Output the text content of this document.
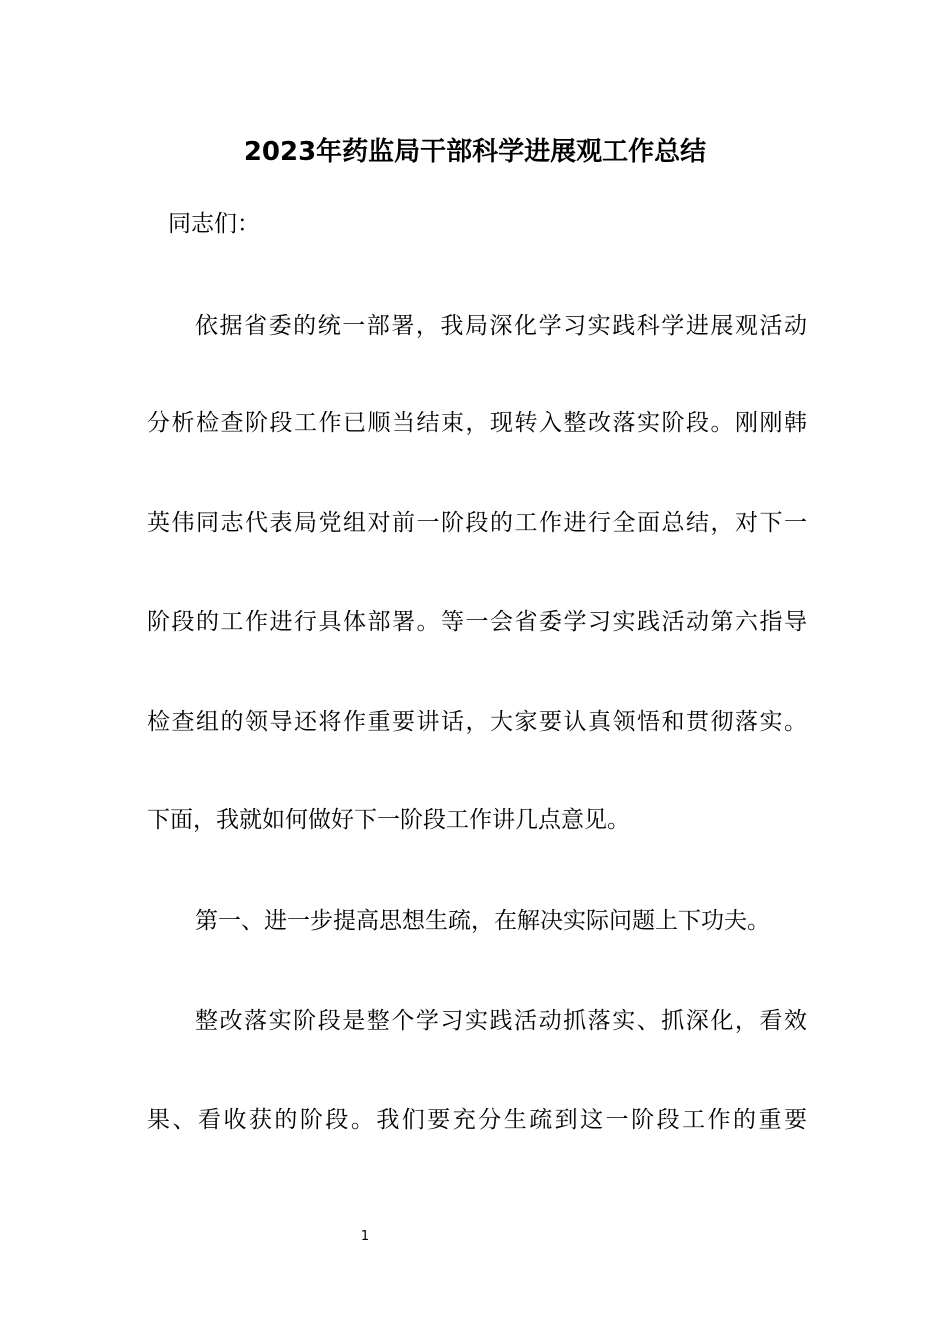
2023年药监局干部科学进展观工作总结
同志们：
依据省委的统一部署，我局深化学习实践科学进展观活动
分析检查阶段工作已顺当结束，现转入整改落实阶段。刚刚韩
英伟同志代表局党组对前一阶段的工作进行全面总结，对下一
阶段的工作进行具体部署。等一会省委学习实践活动第六指导
检查组的领导还将作重要讲话，大家要认真领悟和贯彻落实。
下面，我就如何做好下一阶段工作讲几点意见。
第一、进一步提高思想生疏，在解决实际问题上下功夫。
整改落实阶段是整个学习实践活动抓落实、抓深化，看效
果、看收获的阶段。我们要充分生疏到这一阶段工作的重要
1
